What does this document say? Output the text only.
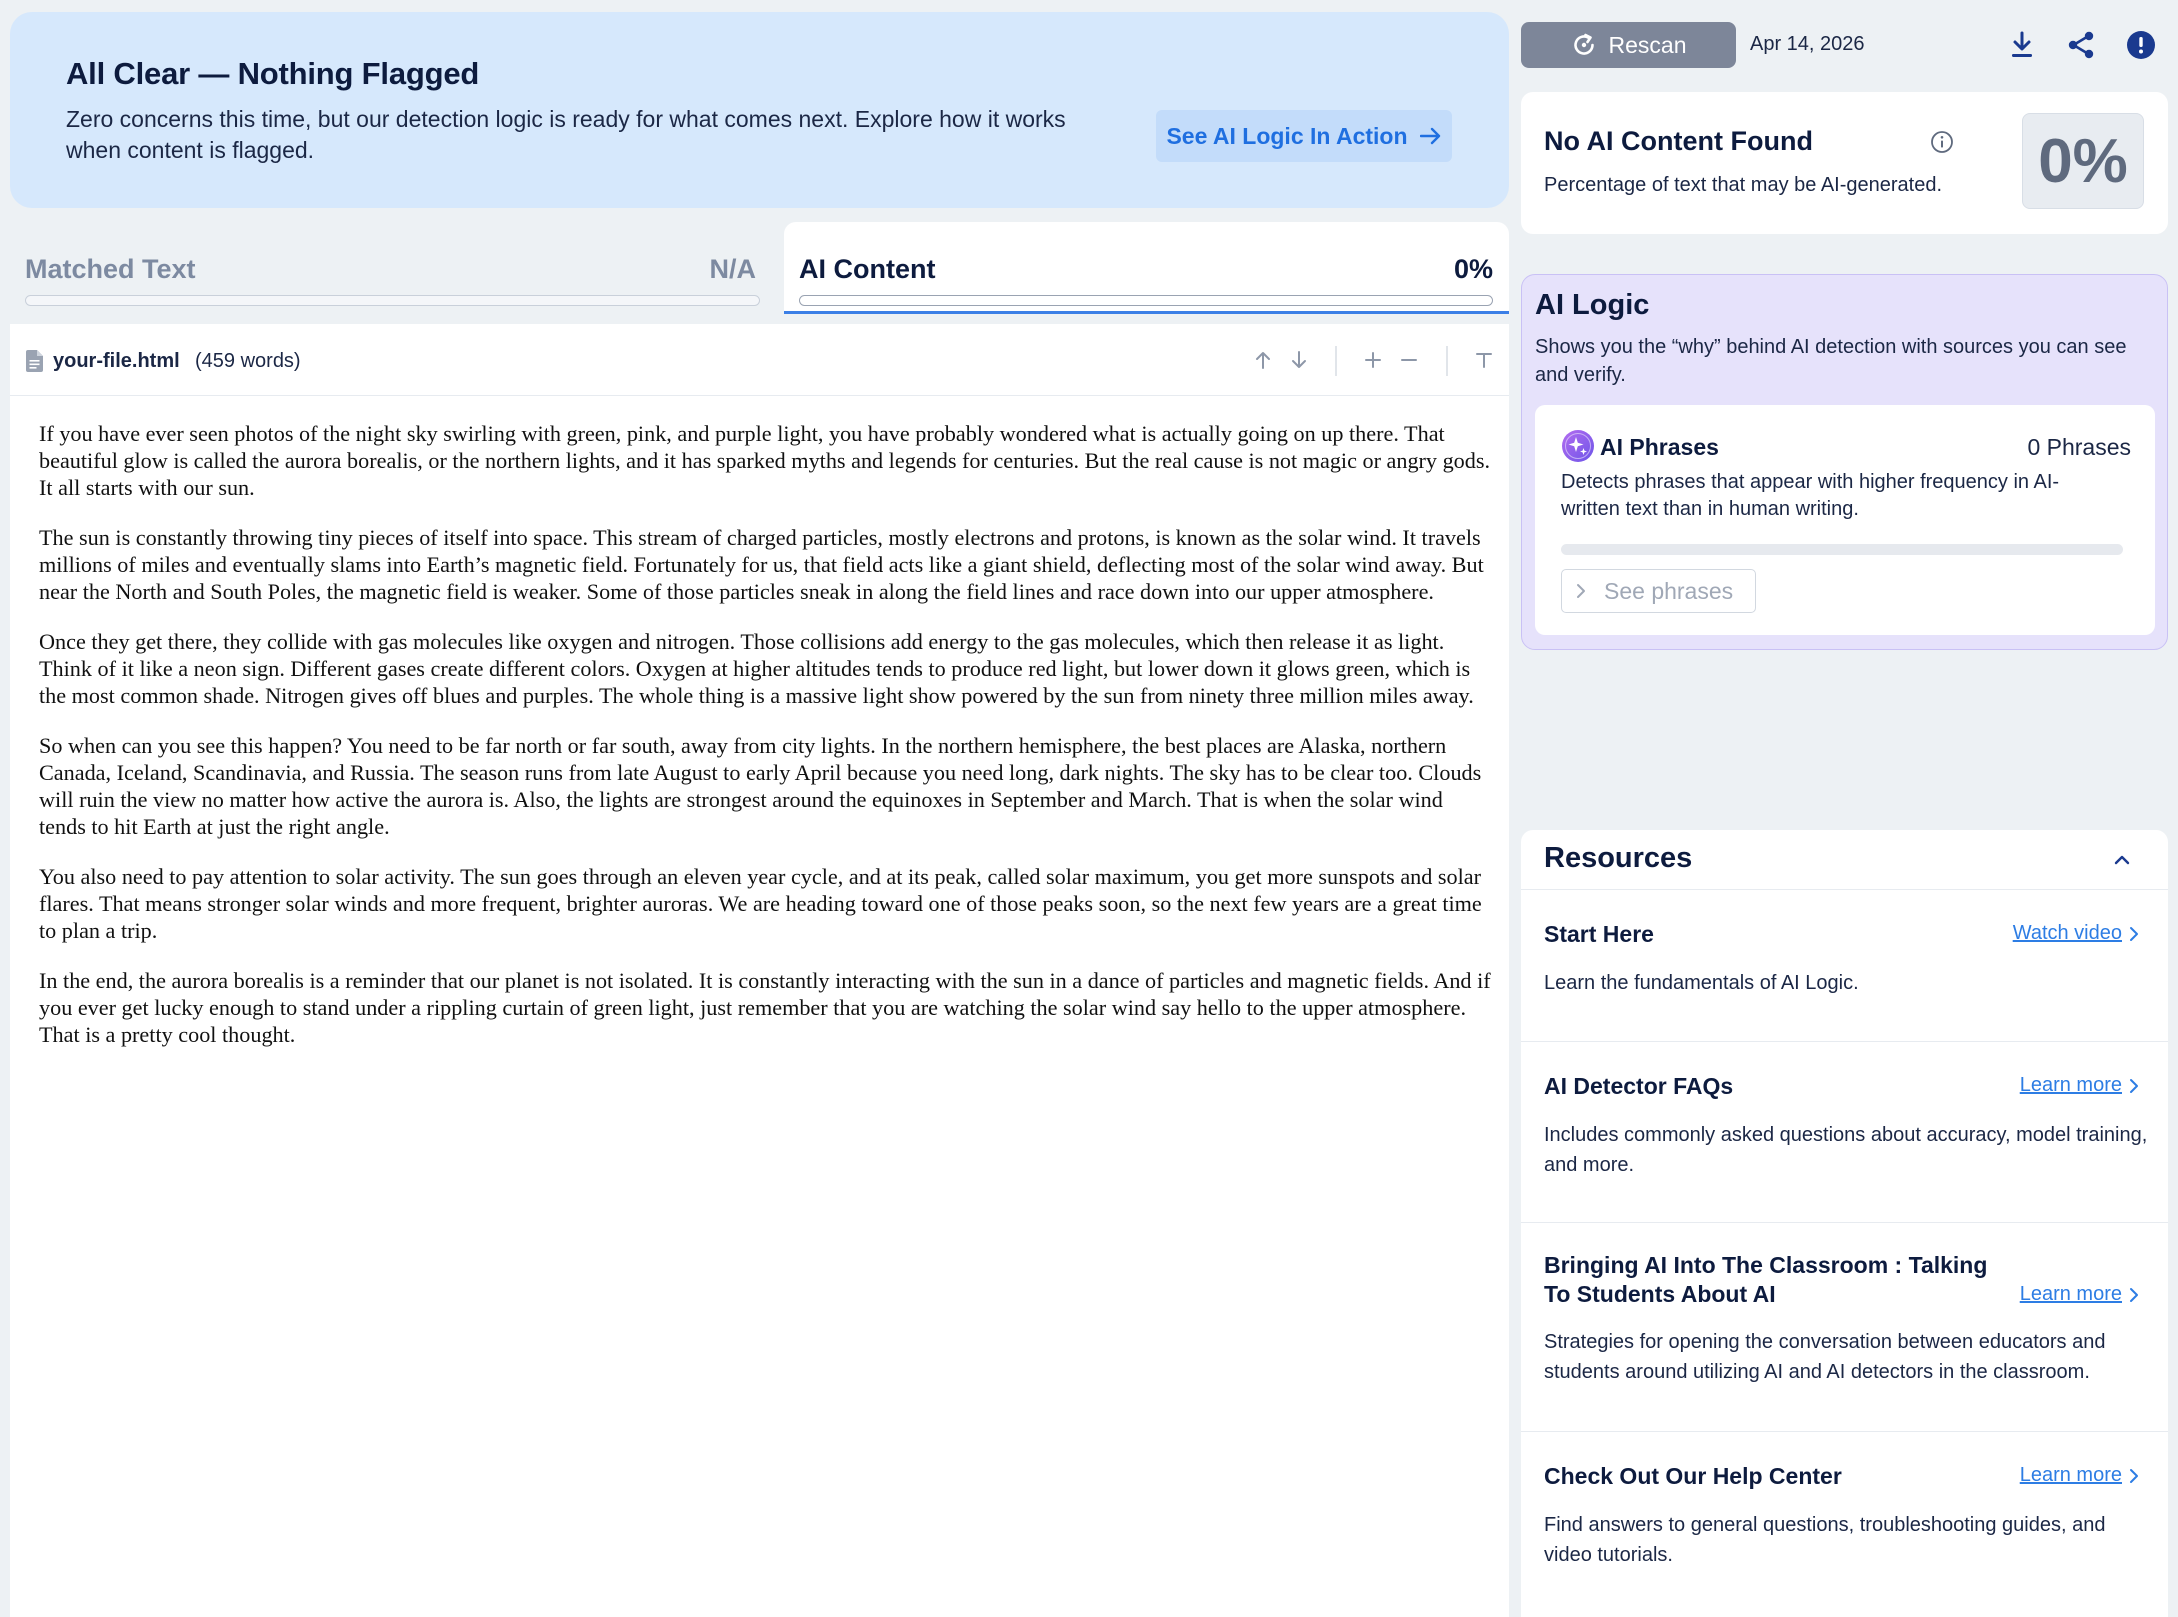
All Clear — Nothing Flagged
Zero concerns this time, but our detection logic is ready for what comes next. Explore how it works when content is flagged.
See AI Logic In Action
Matched Text	N/A AI Content	0%
your-file.html (459 words)

If you have ever seen photos of the night sky swirling with green, pink, and purple light, you have probably wondered what is actually going on up there. That beautiful glow is called the aurora borealis, or the northern lights, and it has sparked myths and legends for centuries. But the real cause is not magic or angry gods. It all starts with our sun.

The sun is constantly throwing tiny pieces of itself into space. This stream of charged particles, mostly electrons and protons, is known as the solar wind. It travels millions of miles and eventually slams into Earth’s magnetic field. Fortunately for us, that field acts like a giant shield, deflecting most of the solar wind away. But near the North and South Poles, the magnetic field is weaker. Some of those particles sneak in along the field lines and race down into our upper atmosphere.

Once they get there, they collide with gas molecules like oxygen and nitrogen. Those collisions add energy to the gas molecules, which then release it as light. Think of it like a neon sign. Different gases create different colors. Oxygen at higher altitudes tends to produce red light, but lower down it glows green, which is the most common shade. Nitrogen gives off blues and purples. The whole thing is a massive light show powered by the sun from ninety three million miles away.

So when can you see this happen? You need to be far north or far south, away from city lights. In the northern hemisphere, the best places are Alaska, northern Canada, Iceland, Scandinavia, and Russia. The season runs from late August to early April because you need long, dark nights. The sky has to be clear too. Clouds will ruin the view no matter how active the aurora is. Also, the lights are strongest around the equinoxes in September and March. That is when the solar wind tends to hit Earth at just the right angle.

You also need to pay attention to solar activity. The sun goes through an eleven year cycle, and at its peak, called solar maximum, you get more sunspots and solar flares. That means stronger solar winds and more frequent, brighter auroras. We are heading toward one of those peaks soon, so the next few years are a great time to plan a trip.

In the end, the aurora borealis is a reminder that our planet is not isolated. It is constantly interacting with the sun in a dance of particles and magnetic fields. And if you ever get lucky enough to stand under a rippling curtain of green light, just remember that you are watching the solar wind say hello to the upper atmosphere. That is a pretty cool thought.

Rescan	Apr 14, 2026
No AI Content Found
Percentage of text that may be AI-generated. 0%
AI Logic
Shows you the “why” behind AI detection with sources you can see and verify.
AI Phrases	0 Phrases
Detects phrases that appear with higher frequency in AI-written text than in human writing.
See phrases
Resources
Start Here	Watch video
Learn the fundamentals of AI Logic.
AI Detector FAQs	Learn more
Includes commonly asked questions about accuracy, model training, and more.
Bringing AI Into The Classroom : Talking To Students About AI	Learn more
Strategies for opening the conversation between educators and students around utilizing AI and AI detectors in the classroom.
Check Out Our Help Center	Learn more
Find answers to general questions, troubleshooting guides, and video tutorials.
